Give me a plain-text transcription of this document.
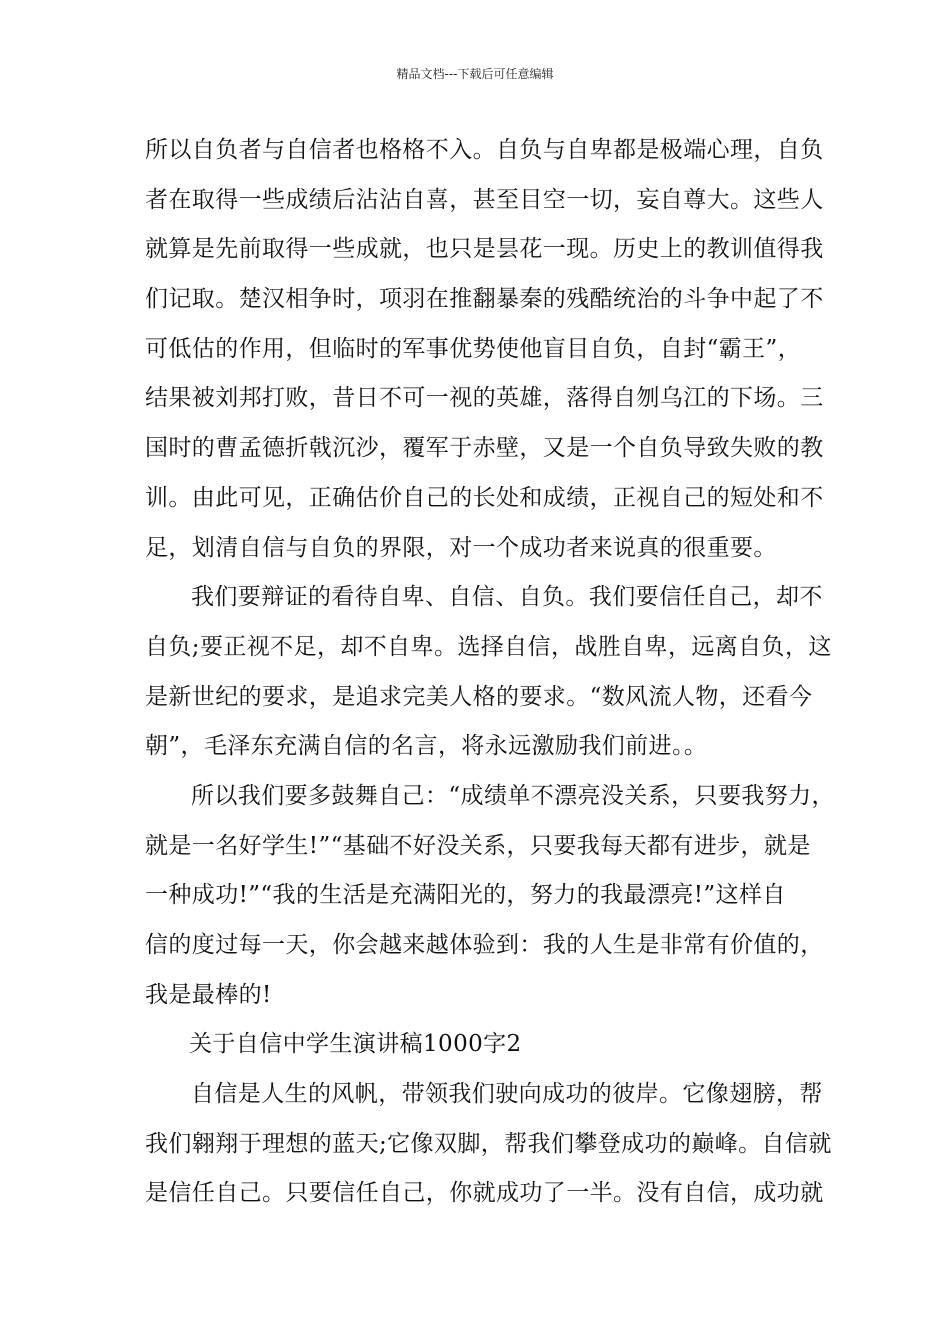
精品文档---下载后可任意编辑
所以自负者与自信者也格格不入。自负与自卑都是极端心理，自负
者在取得一些成绩后沾沾自喜，甚至目空一切，妄自尊大。这些人
就算是先前取得一些成就，也只是昙花一现。历史上的教训值得我
们记取。楚汉相争时，项羽在推翻暴秦的残酷统治的斗争中起了不
可低估的作用，但临时的军事优势使他盲目自负，自封“霸王”，
结果被刘邦打败，昔日不可一视的英雄，落得自刎乌江的下场。三
国时的曹孟德折戟沉沙，覆军于赤壁，又是一个自负导致失败的教
训。由此可见，正确估价自己的长处和成绩，正视自己的短处和不
足，划清自信与自负的界限，对一个成功者来说真的很重要。
我们要辩证的看待自卑、自信、自负。我们要信任自己，却不
自负;要正视不足，却不自卑。选择自信，战胜自卑，远离自负，这
是新世纪的要求，是追求完美人格的要求。“数风流人物，还看今
朝”，毛泽东充满自信的名言，将永远激励我们前进。。
所以我们要多鼓舞自己：“成绩单不漂亮没关系，只要我努力，
就是一名好学生!”“基础不好没关系，只要我每天都有进步，就是
一种成功!”“我的生活是充满阳光的，努力的我最漂亮!”这样自
信的度过每一天，你会越来越体验到：我的人生是非常有价值的，
我是最棒的!
关于自信中学生演讲稿1000字2
自信是人生的风帆，带领我们驶向成功的彼岸。它像翅膀，帮
我们翱翔于理想的蓝天;它像双脚，帮我们攀登成功的巅峰。自信就
是信任自己。只要信任自己，你就成功了一半。没有自信，成功就
